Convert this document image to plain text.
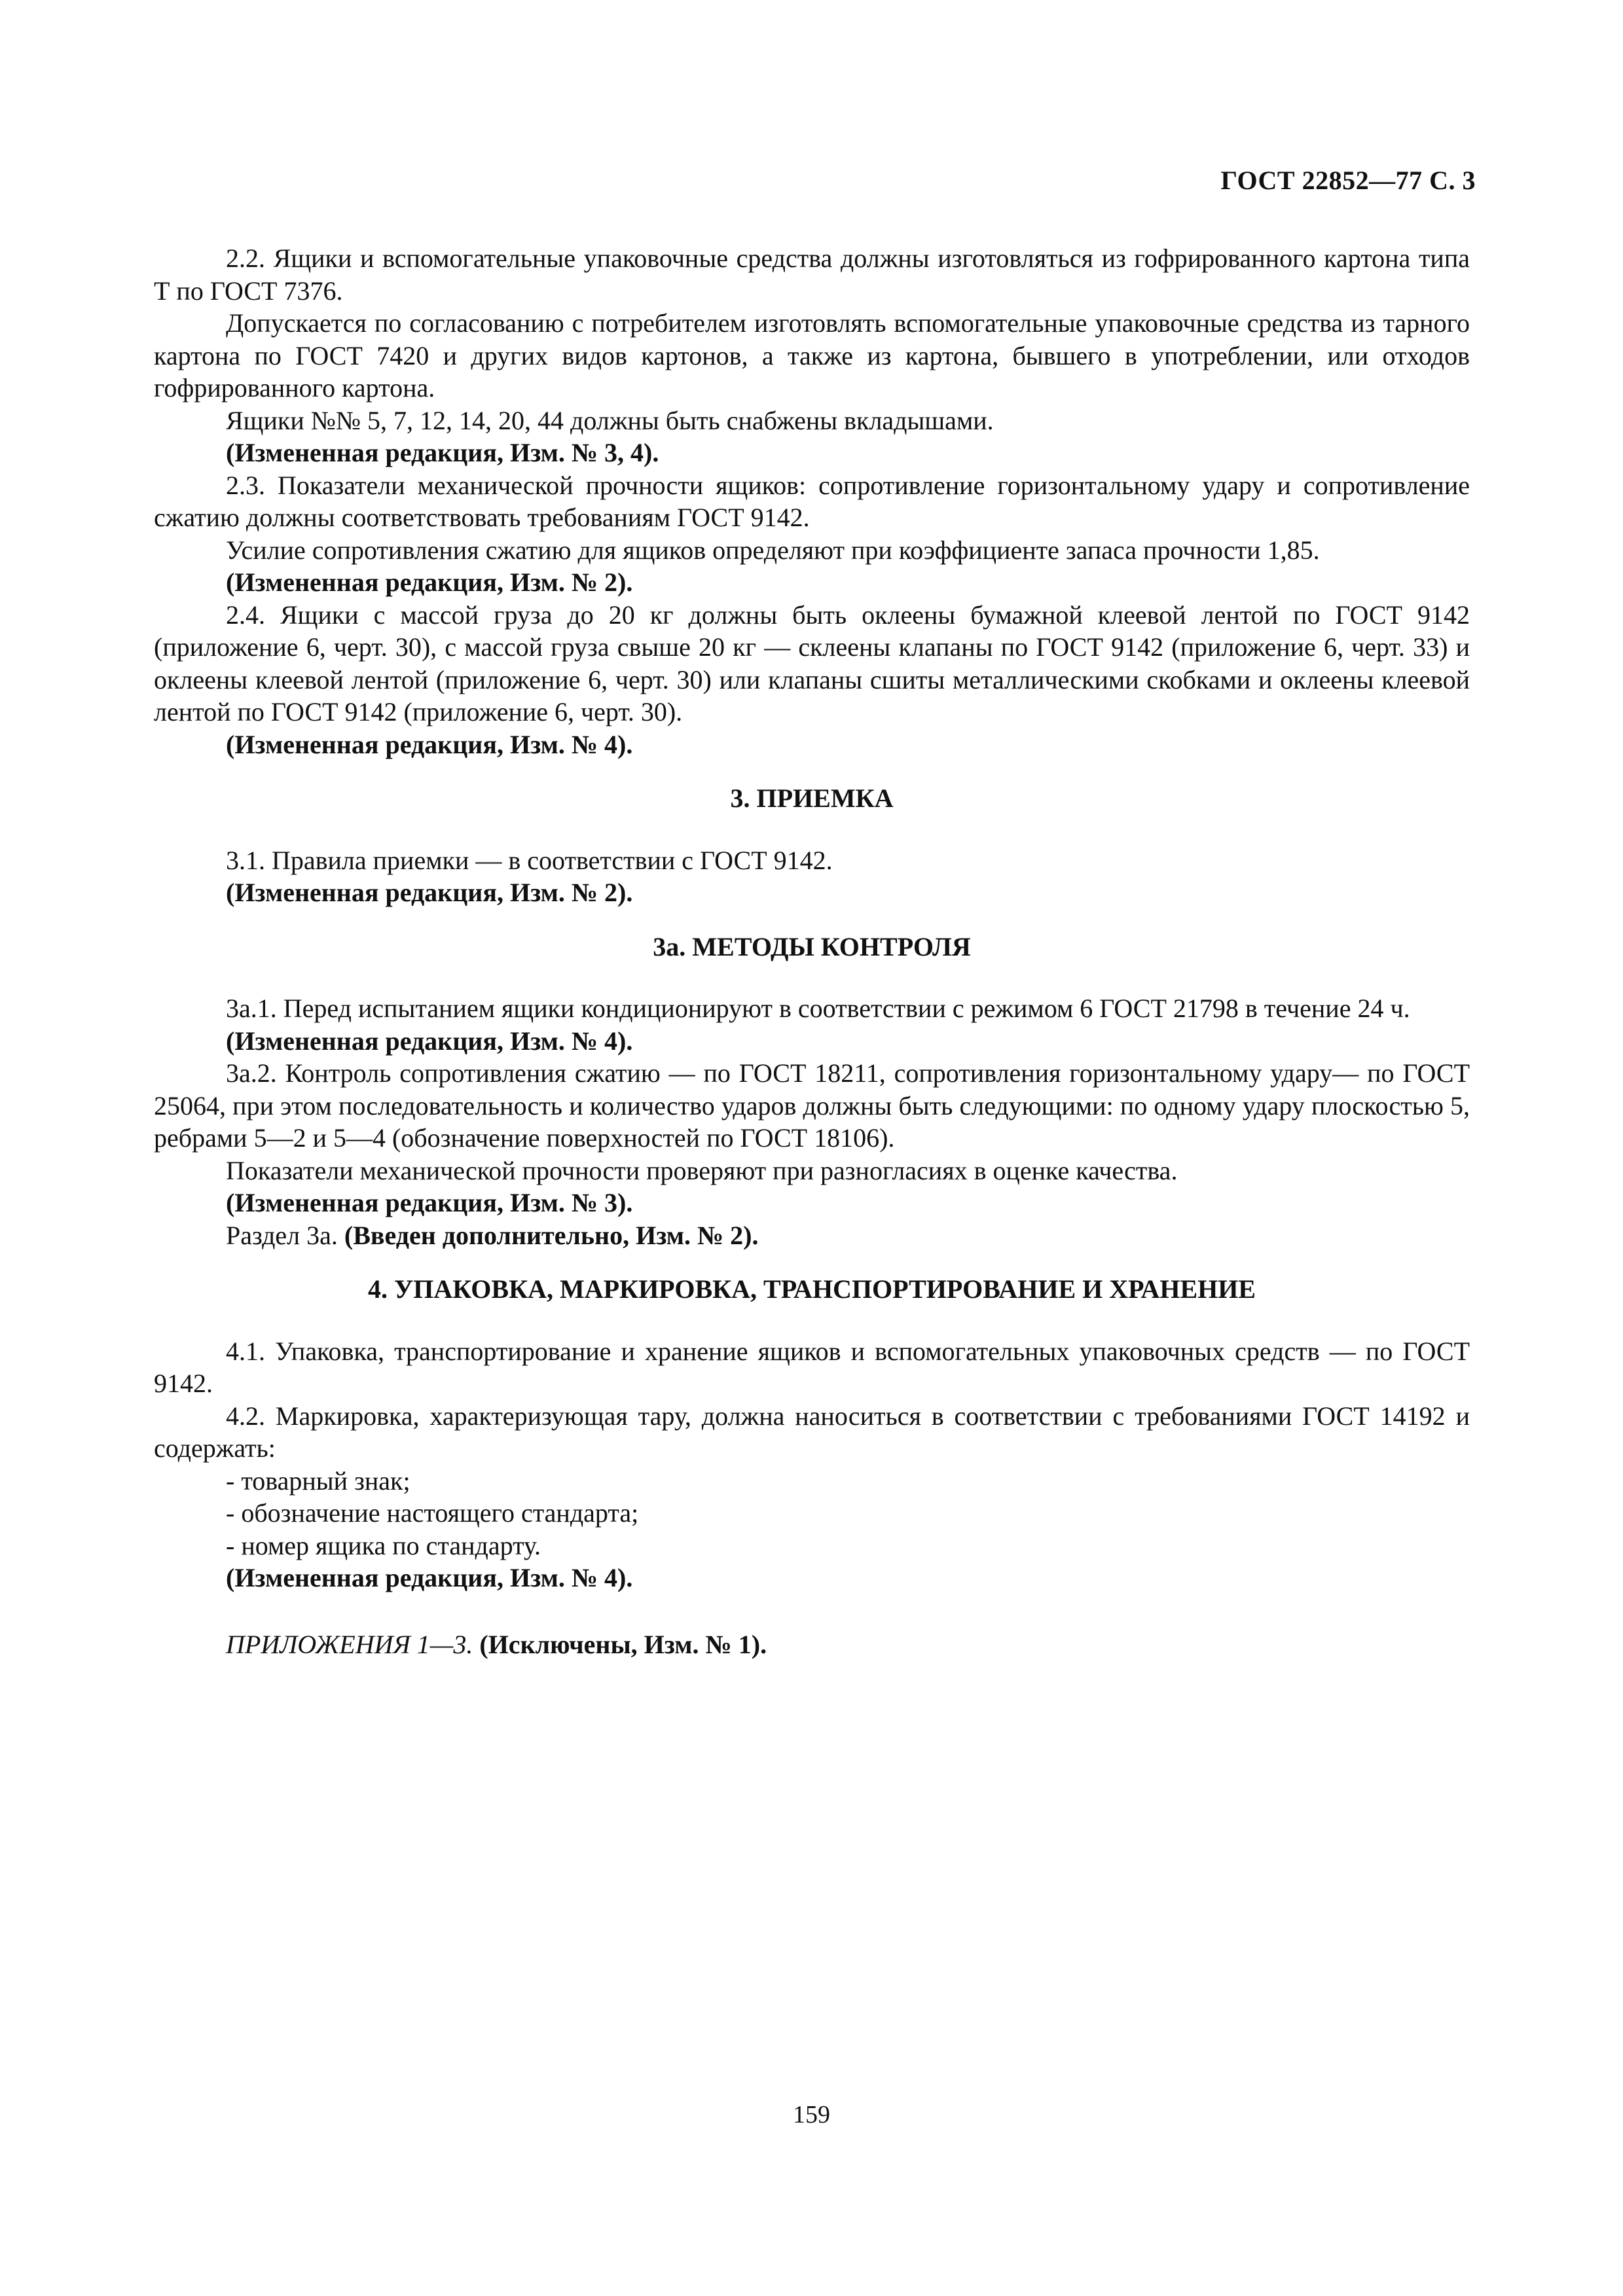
ГОСТ 22852—77 С. 3

2.2. Ящики и вспомогательные упаковочные средства должны изготовляться из гофрированного картона типа Т по ГОСТ 7376.

Допускается по согласованию с потребителем изготовлять вспомогательные упаковочные средства из тарного картона по ГОСТ 7420 и других видов картонов, а также из картона, бывшего в употреблении, или отходов гофрированного картона.

Ящики №№ 5, 7, 12, 14, 20, 44 должны быть снабжены вкладышами.

(Измененная редакция, Изм. № 3, 4).

2.3. Показатели механической прочности ящиков: сопротивление горизонтальному удару и сопротивление сжатию должны соответствовать требованиям ГОСТ 9142.

Усилие сопротивления сжатию для ящиков определяют при коэффициенте запаса прочности 1,85.

(Измененная редакция, Изм. № 2).

2.4. Ящики с массой груза до 20 кг должны быть оклеены бумажной клеевой лентой по ГОСТ 9142 (приложение 6, черт. 30), с массой груза свыше 20 кг — склеены клапаны по ГОСТ 9142 (приложение 6, черт. 33) и оклеены клеевой лентой (приложение 6, черт. 30) или клапаны сшиты металлическими скобками и оклеены клеевой лентой по ГОСТ 9142 (приложение 6, черт. 30).

(Измененная редакция, Изм. № 4).

3. ПРИЕМКА

3.1. Правила приемки — в соответствии с ГОСТ 9142.

(Измененная редакция, Изм. № 2).

3а. МЕТОДЫ КОНТРОЛЯ

3а.1. Перед испытанием ящики кондиционируют в соответствии с режимом 6 ГОСТ 21798 в течение 24 ч.

(Измененная редакция, Изм. № 4).

3а.2. Контроль сопротивления сжатию — по ГОСТ 18211, сопротивления горизонтальному удару— по ГОСТ 25064, при этом последовательность и количество ударов должны быть следующими: по одному удару плоскостью 5, ребрами 5—2 и 5—4 (обозначение поверхностей по ГОСТ 18106).

Показатели механической прочности проверяют при разногласиях в оценке качества.

(Измененная редакция, Изм. № 3).

Раздел 3а. (Введен дополнительно, Изм. № 2).

4. УПАКОВКА, МАРКИРОВКА, ТРАНСПОРТИРОВАНИЕ И ХРАНЕНИЕ

4.1. Упаковка, транспортирование и хранение ящиков и вспомогательных упаковочных средств — по ГОСТ 9142.

4.2. Маркировка, характеризующая тару, должна наноситься в соответствии с требованиями ГОСТ 14192 и содержать:

- товарный знак;

- обозначение настоящего стандарта;

- номер ящика по стандарту.

(Измененная редакция, Изм. № 4).

ПРИЛОЖЕНИЯ 1—3. (Исключены, Изм. № 1).

159
